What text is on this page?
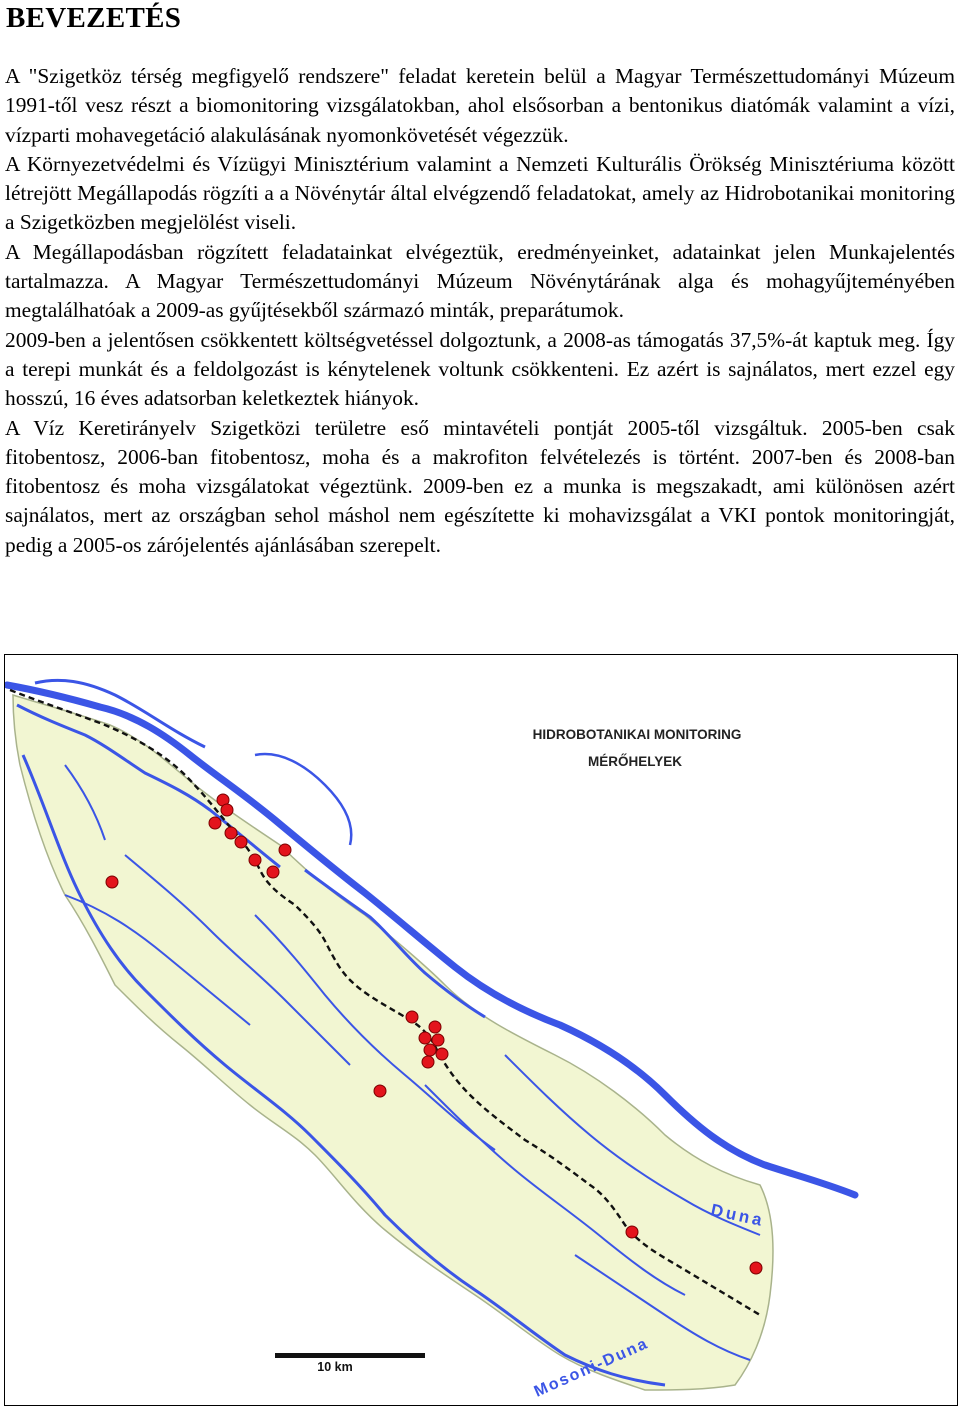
BEVEZETÉS

A "Szigetköz térség megfigyelő rendszere" feladat keretein belül a Magyar Természettudományi Múzeum 1991-től vesz részt a biomonitoring vizsgálatokban, ahol elsősorban a bentonikus diatómák valamint a vízi, vízparti mohavegetáció alakulásának nyomonkövetését végezzük.

A Környezetvédelmi és Vízügyi Minisztérium valamint a Nemzeti Kulturális Örökség Minisztériuma között létrejött Megállapodás rögzíti a a Növénytár által elvégzendő feladatokat, amely az Hidrobotanikai monitoring a Szigetközben megjelölést viseli.

A Megállapodásban rögzített feladatainkat elvégeztük, eredményeinket, adatainkat jelen Munkajelentés tartalmazza. A Magyar Természettudományi Múzeum Növénytárának alga és mohagyűjteményében megtalálhatóak a 2009-as gyűjtésekből származó minták, preparátumok.

2009-ben a jelentősen csökkentett költségvetéssel dolgoztunk, a 2008-as támogatás 37,5%-át kaptuk meg. Így a terepi munkát és a feldolgozást is kénytelenek voltunk csökkenteni. Ez azért is sajnálatos, mert ezzel egy hosszú, 16 éves adatsorban keletkeztek hiányok.

A Víz Keretirányelv Szigetközi területre eső mintavételi pontját 2005-től vizsgáltuk. 2005-ben csak fitobentosz, 2006-ban fitobentosz, moha és a makrofiton felvételezés is történt. 2007-ben és 2008-ban fitobentosz és moha vizsgálatokat végeztünk. 2009-ben ez a munka is megszakadt, ami különösen azért sajnálatos, mert az országban sehol máshol nem egészítette ki mohavizsgálat a VKI pontok monitoringját, pedig a 2005-os zárójelentés ajánlásában szerepelt.

HIDROBOTANIKAI MONITORING
MÉRŐHELYEK
Duna
Mosoni-Duna
10 km
